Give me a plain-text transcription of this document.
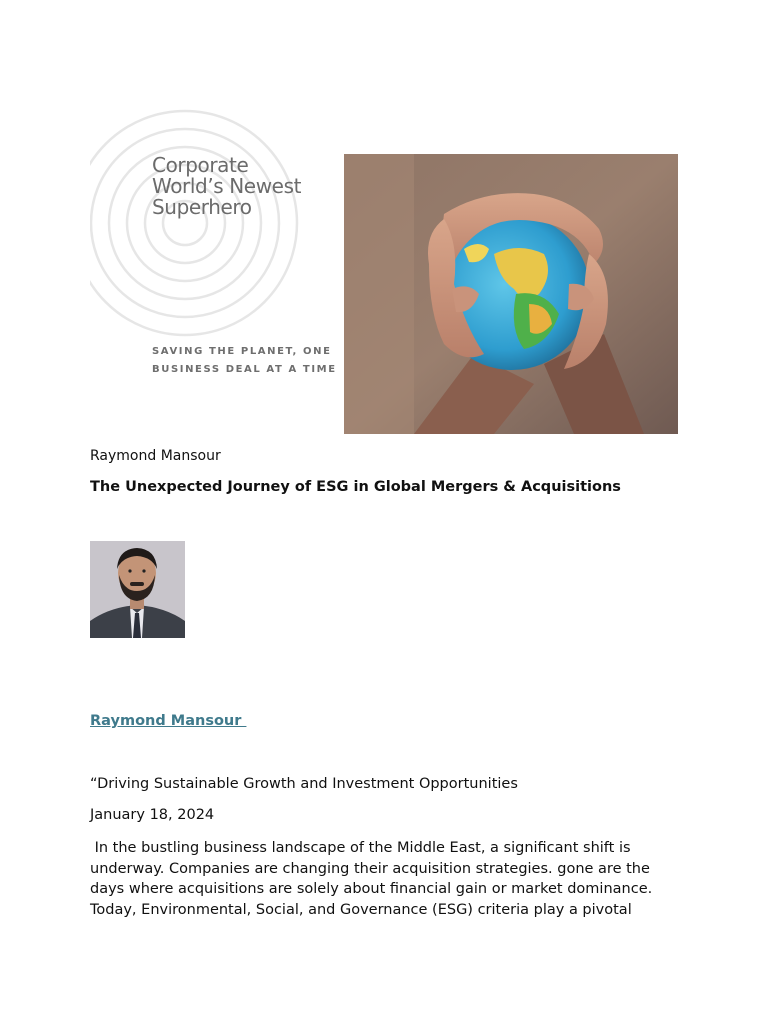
Corporate
World’s Newest
Superhero
SAVING THE PLANET, ONE
BUSINESS DEAL AT A TIME
Raymond Mansour
The Unexpected Journey of ESG in Global Mergers & Acquisitions
Raymond Mansour
“Driving Sustainable Growth and Investment Opportunities
January 18, 2024
In the bustling business landscape of the Middle East, a significant shift is
underway. Companies are changing their acquisition strategies. gone are the
days where acquisitions are solely about financial gain or market dominance.
Today, Environmental, Social, and Governance (ESG) criteria play a pivotal
